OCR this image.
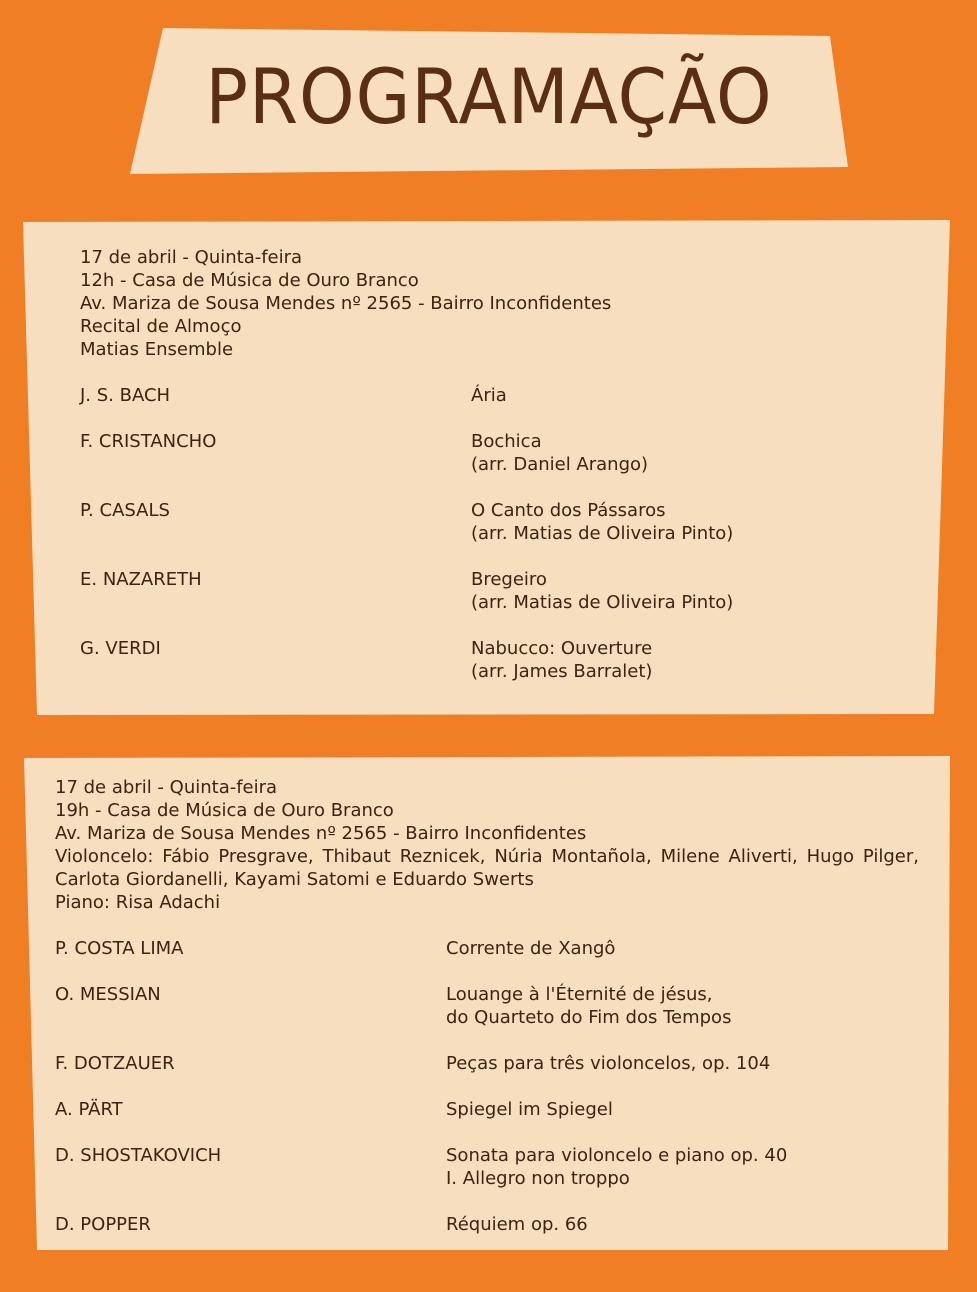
PROGRAMAÇÃO
17 de abril - Quinta-feira
12h - Casa de Música de Ouro Branco
Av. Mariza de Sousa Mendes nº 2565 - Bairro Inconfidentes
Recital de Almoço
Matias Ensemble
J. S. BACH	Ária
F. CRISTANCHO	Bochica
(arr. Daniel Arango)
P. CASALS	O Canto dos Pássaros
(arr. Matias de Oliveira Pinto)
E. NAZARETH	Bregeiro
(arr. Matias de Oliveira Pinto)
G. VERDI	Nabucco: Ouverture
(arr. James Barralet)
17 de abril - Quinta-feira
19h - Casa de Música de Ouro Branco
Av. Mariza de Sousa Mendes nº 2565 - Bairro Inconfidentes
Violoncelo: Fábio Presgrave, Thibaut Reznicek, Núria Montañola, Milene Aliverti, Hugo Pilger, Carlota Giordanelli, Kayami Satomi e Eduardo Swerts
Piano: Risa Adachi
P. COSTA LIMA	Corrente de Xangô
O. MESSIAN	Louange à l'Éternité de jésus,
do Quarteto do Fim dos Tempos
F. DOTZAUER	Peças para três violoncelos, op. 104
A. PÄRT	Spiegel im Spiegel
D. SHOSTAKOVICH	Sonata para violoncelo e piano op. 40
I. Allegro non troppo
D. POPPER	Réquiem op. 66
